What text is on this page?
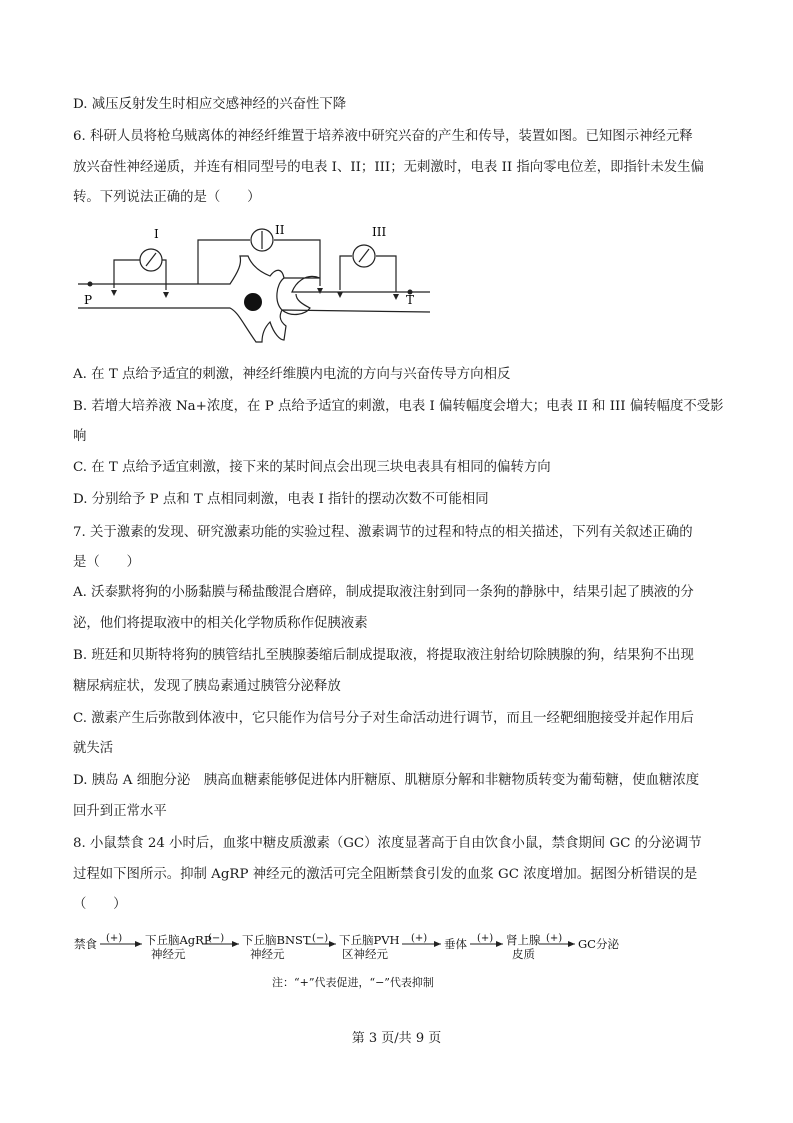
D. 减压反射发生时相应交感神经的兴奋性下降
6. 科研人员将枪乌贼离体的神经纤维置于培养液中研究兴奋的产生和传导，装置如图。已知图示神经元释
放兴奋性神经递质，并连有相同型号的电表 I、II；III；无刺激时，电表 II 指向零电位差，即指针未发生偏
转。下列说法正确的是（　　）
I	II	III
P	T
A. 在 T 点给予适宜的刺激，神经纤维膜内电流的方向与兴奋传导方向相反
B. 若增大培养液 Na+浓度，在 P 点给予适宜的刺激，电表 I 偏转幅度会增大；电表 II 和 III 偏转幅度不受影
响
C. 在 T 点给予适宜刺激，接下来的某时间点会出现三块电表具有相同的偏转方向
D. 分别给予 P 点和 T 点相同刺激，电表 I 指针的摆动次数不可能相同
7. 关于激素的发现、研究激素功能的实验过程、激素调节的过程和特点的相关描述，下列有关叙述正确的
是（　　）
A. 沃泰默将狗的小肠黏膜与稀盐酸混合磨碎，制成提取液注射到同一条狗的静脉中，结果引起了胰液的分
泌，他们将提取液中的相关化学物质称作促胰液素
B. 班廷和贝斯特将狗的胰管结扎至胰腺萎缩后制成提取液，将提取液注射给切除胰腺的狗，结果狗不出现
糖尿病症状，发现了胰岛素通过胰管分泌释放
C. 激素产生后弥散到体液中，它只能作为信号分子对生命活动进行调节，而且一经靶细胞接受并起作用后
就失活
D. 胰岛 A 细胞分泌　胰高血糖素能够促进体内肝糖原、肌糖原分解和非糖物质转变为葡萄糖，使血糖浓度
回升到正常水平
8. 小鼠禁食 24 小时后，血浆中糖皮质激素（GC）浓度显著高于自由饮食小鼠，禁食期间 GC 的分泌调节
过程如下图所示。抑制 AgRP 神经元的激活可完全阻断禁食引发的血浆 GC 浓度增加。据图分析错误的是
（　　）
禁食 (+) 下丘脑AgRP
神经元
(−) 下丘脑BNST
神经元
(−) 下丘脑PVH
区神经元
(+) 垂体 (+) 肾上腺
皮质
(+) GC分泌
注：“+”代表促进，“−”代表抑制
第 3 页/共 9 页
